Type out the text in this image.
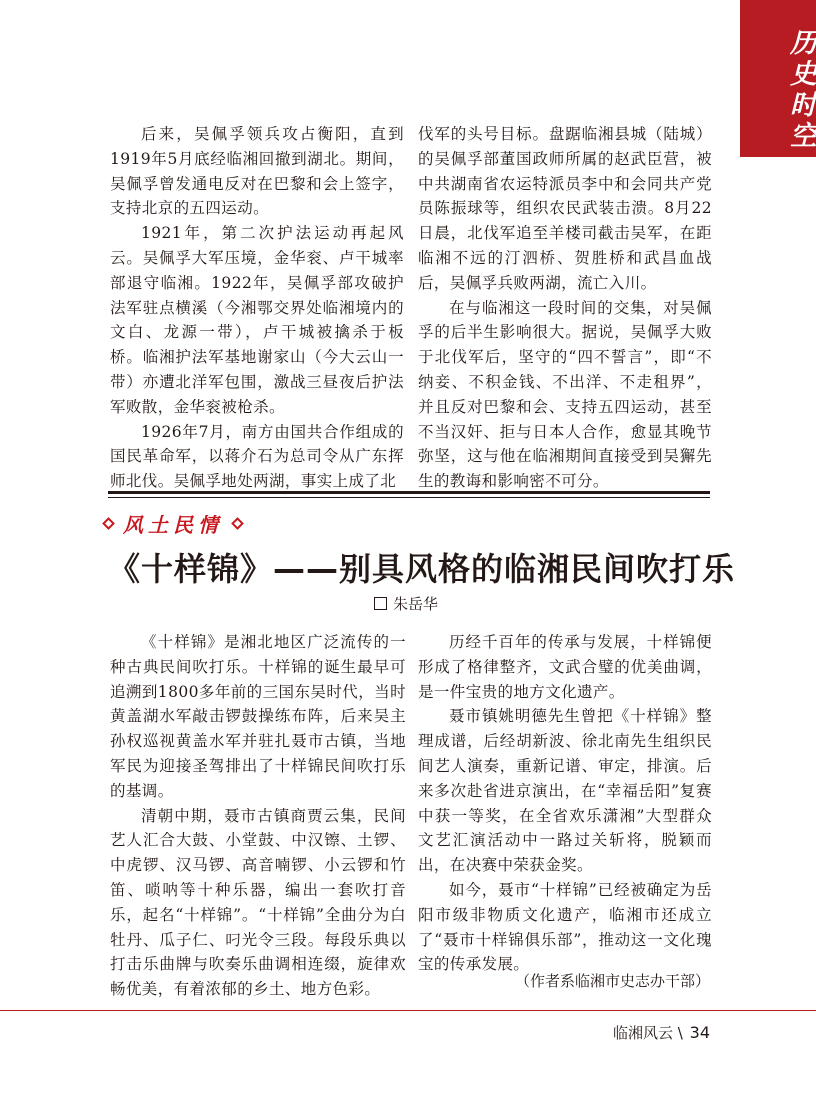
历史时空

后来，吴佩孚领兵攻占衡阳，直到1919年5月底经临湘回撤到湖北。期间，吴佩孚曾发通电反对在巴黎和会上签字，支持北京的五四运动。

1921年，第二次护法运动再起风云。吴佩孚大军压境，金华衮、卢干城率部退守临湘。1922年，吴佩孚部攻破护法军驻点横溪（今湘鄂交界处临湘境内的文白、龙源一带），卢干城被擒杀于板桥。临湘护法军基地谢家山（今大云山一带）亦遭北洋军包围，激战三昼夜后护法军败散，金华衮被枪杀。

1926年7月，南方由国共合作组成的国民革命军，以蒋介石为总司令从广东挥师北伐。吴佩孚地处两湖，事实上成了北

伐军的头号目标。盘踞临湘县城（陆城）的吴佩孚部董国政师所属的赵武臣营，被中共湖南省农运特派员李中和会同共产党员陈振球等，组织农民武装击溃。8月22日晨，北伐军追至羊楼司截击吴军，在距临湘不远的汀泗桥、贺胜桥和武昌血战后，吴佩孚兵败两湖，流亡入川。

在与临湘这一段时间的交集，对吴佩孚的后半生影响很大。据说，吴佩孚大败于北伐军后，坚守的“四不誓言”，即“不纳妾、不积金钱、不出洋、不走租界”，并且反对巴黎和会、支持五四运动，甚至不当汉奸、拒与日本人合作，愈显其晚节弥坚，这与他在临湘期间直接受到吴獬先生的教诲和影响密不可分。

风土民情
《十样锦》——别具风格的临湘民间吹打乐
朱岳华

《十样锦》是湘北地区广泛流传的一种古典民间吹打乐。十样锦的诞生最早可追溯到1800多年前的三国东吴时代，当时黄盖湖水军敲击锣鼓操练布阵，后来吴主孙权巡视黄盖水军并驻扎聂市古镇，当地军民为迎接圣驾排出了十样锦民间吹打乐的基调。

清朝中期，聂市古镇商贾云集，民间艺人汇合大鼓、小堂鼓、中汉镲、土锣、中虎锣、汉马锣、高音喃锣、小云锣和竹笛、唢呐等十种乐器，编出一套吹打音乐，起名“十样锦”。“十样锦”全曲分为白牡丹、瓜子仁、叼光令三段。每段乐典以打击乐曲牌与吹奏乐曲调相连缀，旋律欢畅优美，有着浓郁的乡土、地方色彩。

历经千百年的传承与发展，十样锦便形成了格律整齐，文武合璧的优美曲调，是一件宝贵的地方文化遗产。

聂市镇姚明德先生曾把《十样锦》整理成谱，后经胡新波、徐北南先生组织民间艺人演奏，重新记谱、审定，排演。后来多次赴省进京演出，在“幸福岳阳”复赛中获一等奖，在全省欢乐潇湘”大型群众文艺汇演活动中一路过关斩将，脱颖而出，在决赛中荣获金奖。

如今，聂市“十样锦”已经被确定为岳阳市级非物质文化遗产，临湘市还成立了“聂市十样锦俱乐部”，推动这一文化瑰宝的传承发展。

（作者系临湘市史志办干部）
临湘风云 \ 34
